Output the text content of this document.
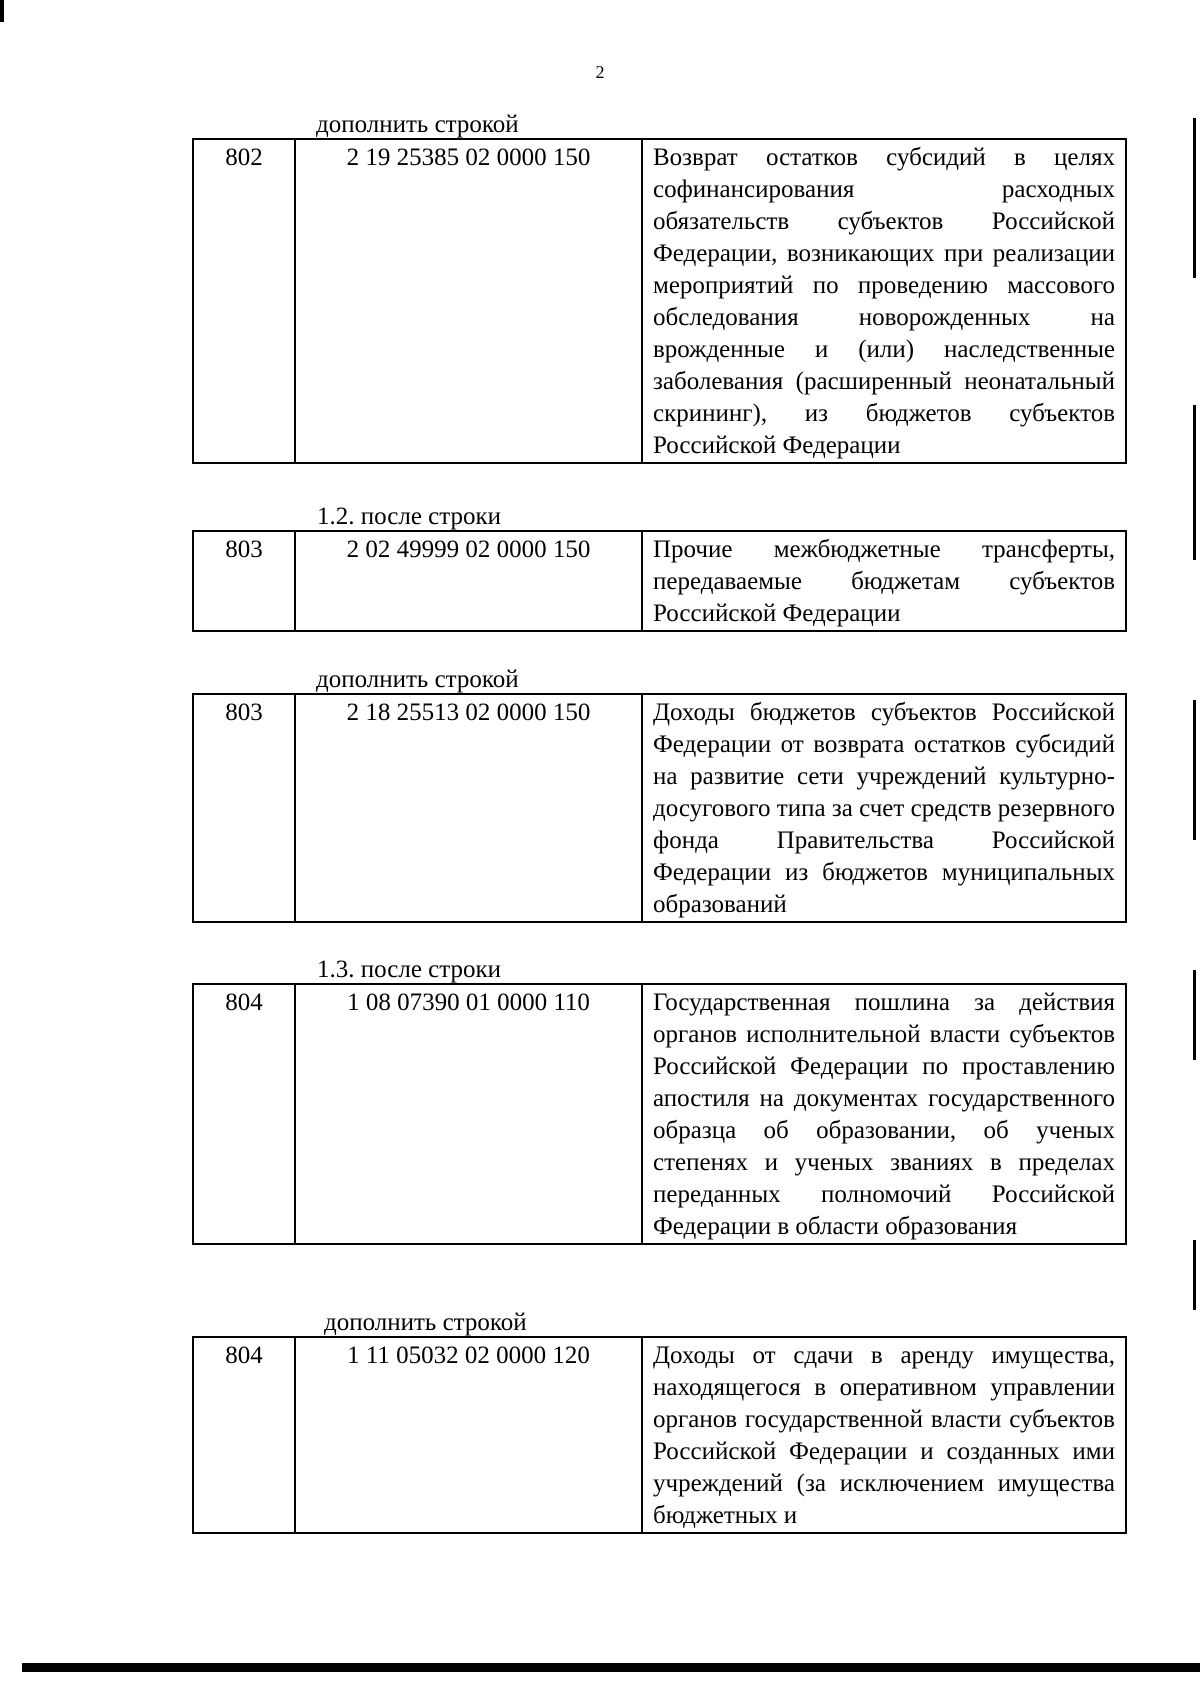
2
дополнить строкой
802	2 19 25385 02 0000 150	Возврат остатков субсидий в целях софинансирования расходных обязательств субъектов Российской Федерации, возникающих при реализации мероприятий по проведению массового обследования новорожденных на врожденные и (или) наследственные заболевания (расширенный неонатальный скрининг), из бюджетов субъектов Российской Федерации
1.2. после строки
803	2 02 49999 02 0000 150	Прочие межбюджетные трансферты, передаваемые бюджетам субъектов Российской Федерации
дополнить строкой
803	2 18 25513 02 0000 150	Доходы бюджетов субъектов Российской Федерации от возврата остатков субсидий на развитие сети учреждений культурно-досугового типа за счет средств резервного фонда Правительства Российской Федерации из бюджетов муниципальных образований
1.3. после строки
804	1 08 07390 01 0000 110	Государственная пошлина за действия органов исполнительной власти субъектов Российской Федерации по проставлению апостиля на документах государственного образца об образовании, об ученых степенях и ученых званиях в пределах переданных полномочий Российской Федерации в области образования
дополнить строкой
804	1 11 05032 02 0000 120	Доходы от сдачи в аренду имущества, находящегося в оперативном управлении органов государственной власти субъектов Российской Федерации и созданных ими учреждений (за исключением имущества бюджетных и
